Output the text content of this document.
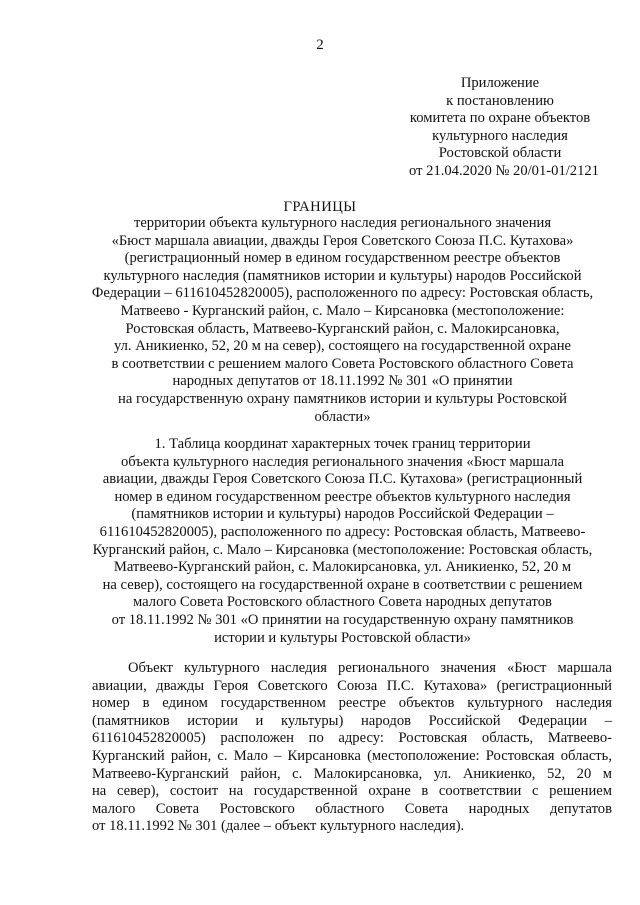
2
Приложение
к постановлению
комитета по охране объектов
культурного наследия
Ростовской области
от 21.04.2020 № 20/01-01/2121
ГРАНИЦЫ
территории объекта культурного наследия регионального значения
«Бюст маршала авиации, дважды Героя Советского Союза П.С. Кутахова»
(регистрационный номер в едином государственном реестре объектов
культурного наследия (памятников истории и культуры) народов Российской
Федерации – 611610452820005), расположенного по адресу: Ростовская область,
Матвеево - Курганский район, с. Мало – Кирсановка (местоположение:
Ростовская область, Матвеево-Курганский район, с. Малокирсановка,
ул. Аникиенко, 52, 20 м на север), состоящего на государственной охране
в соответствии с решением малого Совета Ростовского областного Совета
народных депутатов от 18.11.1992 № 301 «О принятии
на государственную охрану памятников истории и культуры Ростовской
области»
1. Таблица координат характерных точек границ территории
объекта культурного наследия регионального значения «Бюст маршала
авиации, дважды Героя Советского Союза П.С. Кутахова» (регистрационный
номер в едином государственном реестре объектов культурного наследия
(памятников истории и культуры) народов Российской Федерации –
611610452820005), расположенного по адресу: Ростовская область, Матвеево-
Курганский район, с. Мало – Кирсановка (местоположение: Ростовская область,
Матвеево-Курганский район, с. Малокирсановка, ул. Аникиенко, 52, 20 м
на север), состоящего на государственной охране в соответствии с решением
малого Совета Ростовского областного Совета народных депутатов
от 18.11.1992 № 301 «О принятии на государственную охрану памятников
истории и культуры Ростовской области»
Объект культурного наследия регионального значения «Бюст маршала
авиации, дважды Героя Советского Союза П.С. Кутахова» (регистрационный
номер в едином государственном реестре объектов культурного наследия
(памятников истории и культуры) народов Российской Федерации –
611610452820005) расположен по адресу: Ростовская область, Матвеево-
Курганский район, с. Мало – Кирсановка (местоположение: Ростовская область,
Матвеево-Курганский район, с. Малокирсановка, ул. Аникиенко, 52, 20 м
на север), состоит на государственной охране в соответствии с решением
малого Совета Ростовского областного Совета народных депутатов
от 18.11.1992 № 301 (далее – объект культурного наследия).
